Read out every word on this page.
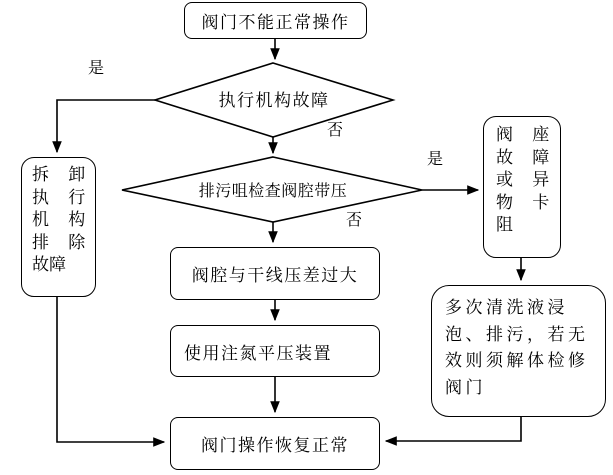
阀门不能正常操作
执行机构故障
排污咀检查阀腔带压
是
否
是
否
拆 卸
执 行
机 构
排 除
故障
阀 座
故 障
或 异
物 卡
阻
阀腔与干线压差过大
使用注氮平压装置
多次清洗液浸
泡、排污，若无
效则须解体检修
阀门
阀门操作恢复正常
